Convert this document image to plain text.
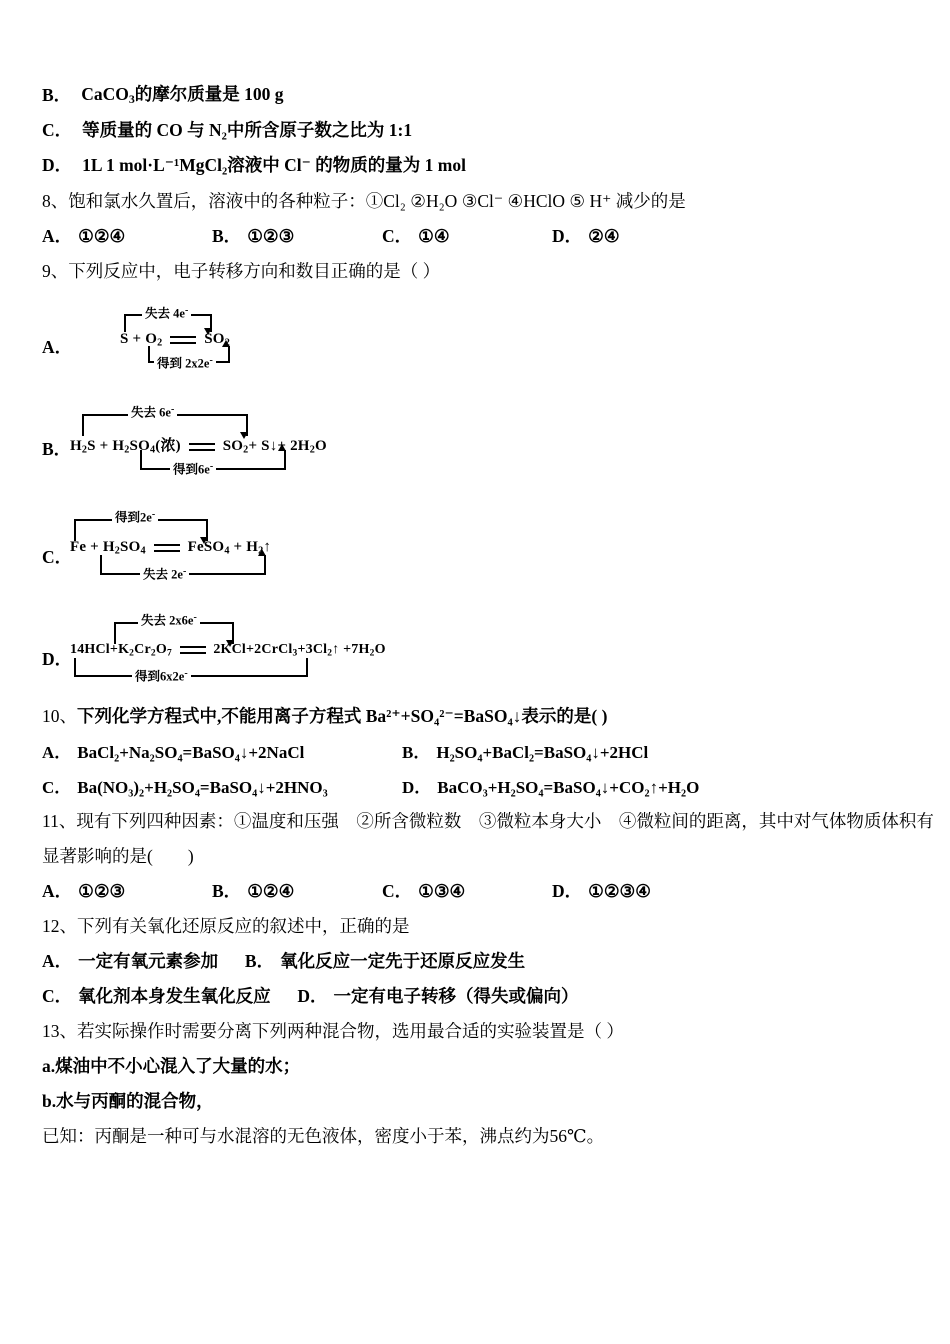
B． CaCO$_3$的摩尔质量是 100 g
C． 等质量的 CO 与 N₂中所含原子数之比为 1:1
D． 1L 1 mol·L⁻¹MgCl₂溶液中 Cl⁻ 的物质的量为 1 mol
8、 饱和氯水久置后，溶液中的各种粒子：①Cl₂ ②H₂O ③Cl⁻ ④HClO ⑤ H⁺ 减少的是
A． ①②④	B． ①②③	C． ①④	D． ②④
9、 下列反应中，电子转移方向和数目正确的是（ ）
A．	$S + O_2$	$SO_2$
失去 4e-
得到 2x2e-
B．
$H_2S + H_2SO_4$(浓)	$SO_2+$ S↓+ $2H_2O$
失去 6e-
得到6e-
C．
$Fe + H_2SO_4$	FeSO$_4$ + $H_2↑$
得到2e-
失去 2e-
D．
$14HCl+K_2Cr_2O_7$	$2KCl+2CrCl_3+3Cl_2↑ +7H_2O$
失去 2x6e-
得到6x2e-
10、 下列化学方程式中,不能用离子方程式 Ba²⁺+SO₄²⁻=BaSO₄↓表示的是( )
A． BaCl₂+Na₂SO₄=BaSO₄↓+2NaCl	B． H₂SO₄+BaCl₂=BaSO₄↓+2HCl
C． Ba(NO₃)₂+H₂SO₄=BaSO₄↓+2HNO₃	D． BaCO₃+H₂SO₄=BaSO₄↓+CO₂↑+H₂O
11、 现有下列四种因素：①温度和压强　②所含微粒数　③微粒本身大小　④微粒间的距离，其中对气体物质体积有
显著影响的是(　　)
A． ①②③	B． ①②④	C． ①③④	D． ①②③④
12、 下列有关氧化还原反应的叙述中，正确的是
A． 一定有氧元素参加 B． 氧化反应一定先于还原反应发生
C． 氧化剂本身发生氧化反应 D． 一定有电子转移（得失或偏向）
13、 若实际操作时需要分离下列两种混合物，选用最合适的实验装置是（ ）
a.煤油中不小心混入了大量的水；
b.水与丙酮的混合物，
已知：丙酮是一种可与水混溶的无色液体，密度小于苯，沸点约为56℃。
